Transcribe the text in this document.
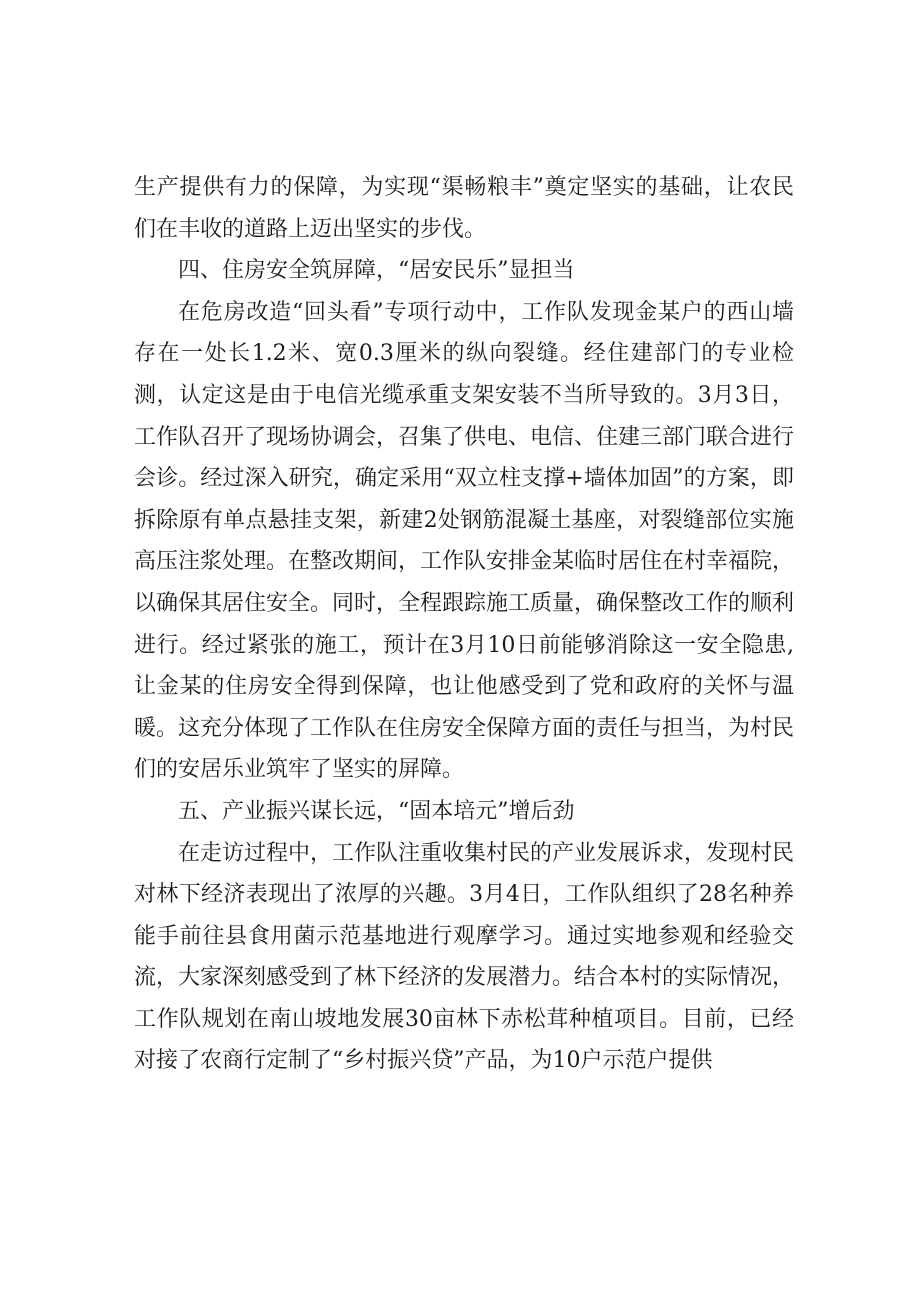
生产提供有力的保障，为实现“渠畅粮丰”奠定坚实的基础，让农民们在丰收的道路上迈出坚实的步伐。

四、住房安全筑屏障，“居安民乐”显担当

在危房改造“回头看”专项行动中，工作队发现金某户的西山墙存在一处长1.2米、宽0.3厘米的纵向裂缝。经住建部门的专业检测，认定这是由于电信光缆承重支架安装不当所导致的。3月3日，工作队召开了现场协调会，召集了供电、电信、住建三部门联合进行会诊。经过深入研究，确定采用“双立柱支撑+墙体加固”的方案，即拆除原有单点悬挂支架，新建2处钢筋混凝土基座，对裂缝部位实施高压注浆处理。在整改期间，工作队安排金某临时居住在村幸福院，以确保其居住安全。同时，全程跟踪施工质量，确保整改工作的顺利进行。经过紧张的施工，预计在3月10日前能够消除这一安全隐患,让金某的住房安全得到保障，也让他感受到了党和政府的关怀与温暖。这充分体现了工作队在住房安全保障方面的责任与担当，为村民们的安居乐业筑牢了坚实的屏障。

五、产业振兴谋长远，“固本培元”增后劲

在走访过程中，工作队注重收集村民的产业发展诉求，发现村民对林下经济表现出了浓厚的兴趣。3月4日，工作队组织了28名种养能手前往县食用菌示范基地进行观摩学习。通过实地参观和经验交流，大家深刻感受到了林下经济的发展潜力。结合本村的实际情况，工作队规划在南山坡地发展30亩林下赤松茸种植项目。目前，已经对接了农商行定制了“乡村振兴贷”产品，为10户示范户提供
